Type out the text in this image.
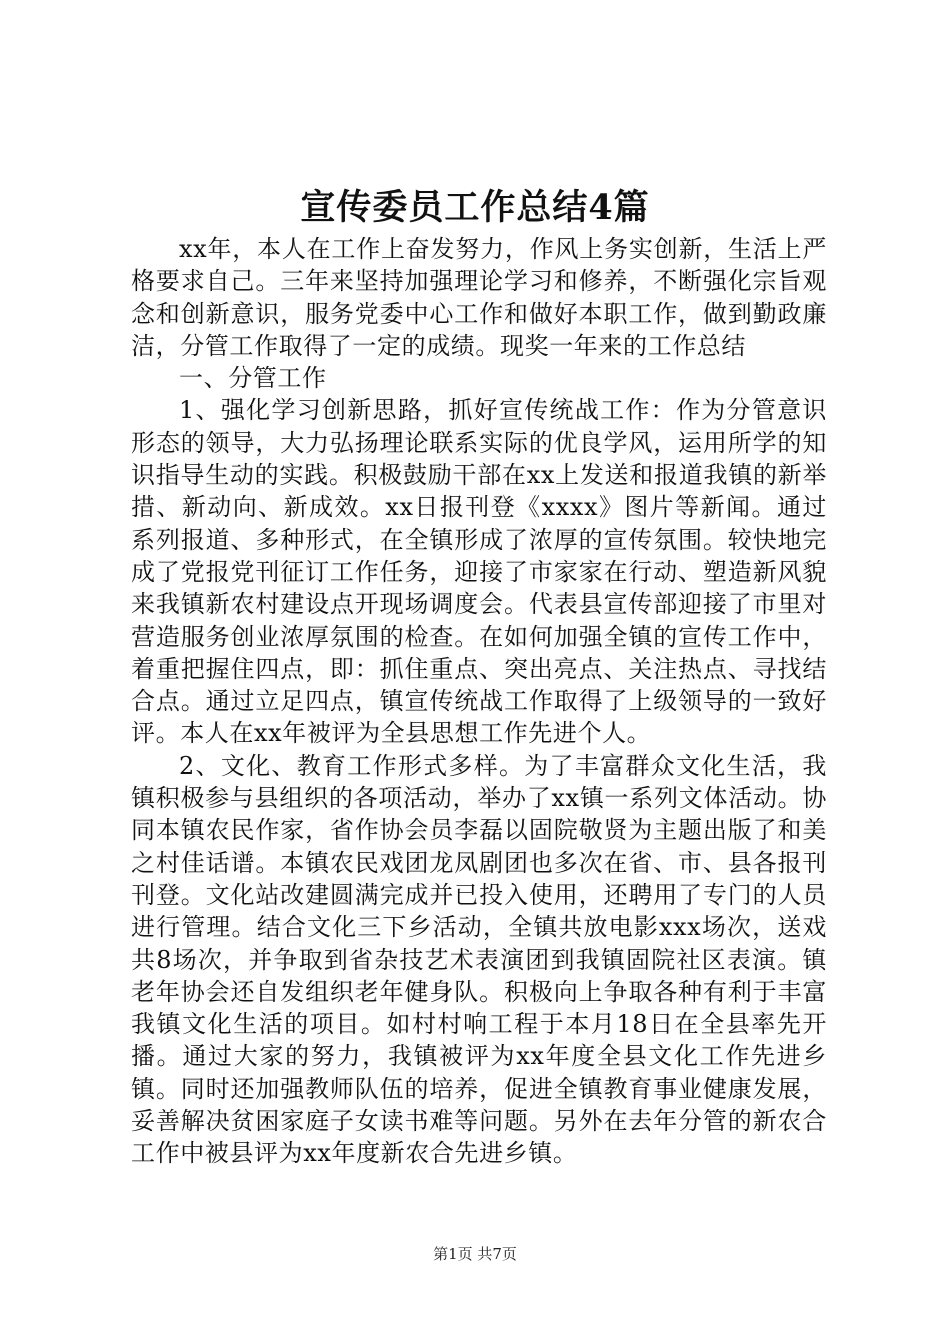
宣传委员工作总结4篇

xx年，本人在工作上奋发努力，作风上务实创新，生活上严格要求自己。三年来坚持加强理论学习和修养，不断强化宗旨观念和创新意识，服务党委中心工作和做好本职工作，做到勤政廉洁，分管工作取得了一定的成绩。现奖一年来的工作总结

一、分管工作

1、强化学习创新思路，抓好宣传统战工作：作为分管意识形态的领导，大力弘扬理论联系实际的优良学风，运用所学的知识指导生动的实践。积极鼓励干部在xx上发送和报道我镇的新举措、新动向、新成效。xx日报刊登《xxxx》图片等新闻。通过系列报道、多种形式，在全镇形成了浓厚的宣传氛围。较快地完成了党报党刊征订工作任务，迎接了市家家在行动、塑造新风貌来我镇新农村建设点开现场调度会。代表县宣传部迎接了市里对营造服务创业浓厚氛围的检查。在如何加强全镇的宣传工作中，着重把握住四点，即：抓住重点、突出亮点、关注热点、寻找结合点。通过立足四点，镇宣传统战工作取得了上级领导的一致好评。本人在xx年被评为全县思想工作先进个人。

2、文化、教育工作形式多样。为了丰富群众文化生活，我镇积极参与县组织的各项活动，举办了xx镇一系列文体活动。协同本镇农民作家，省作协会员李磊以固院敬贤为主题出版了和美之村佳话谱。本镇农民戏团龙凤剧团也多次在省、市、县各报刊刊登。文化站改建圆满完成并已投入使用，还聘用了专门的人员进行管理。结合文化三下乡活动，全镇共放电影xxx场次，送戏共8场次，并争取到省杂技艺术表演团到我镇固院社区表演。镇老年协会还自发组织老年健身队。积极向上争取各种有利于丰富我镇文化生活的项目。如村村响工程于本月18日在全县率先开播。通过大家的努力，我镇被评为xx年度全县文化工作先进乡镇。同时还加强教师队伍的培养，促进全镇教育事业健康发展，妥善解决贫困家庭子女读书难等问题。另外在去年分管的新农合工作中被县评为xx年度新农合先进乡镇。

第1页 共7页
